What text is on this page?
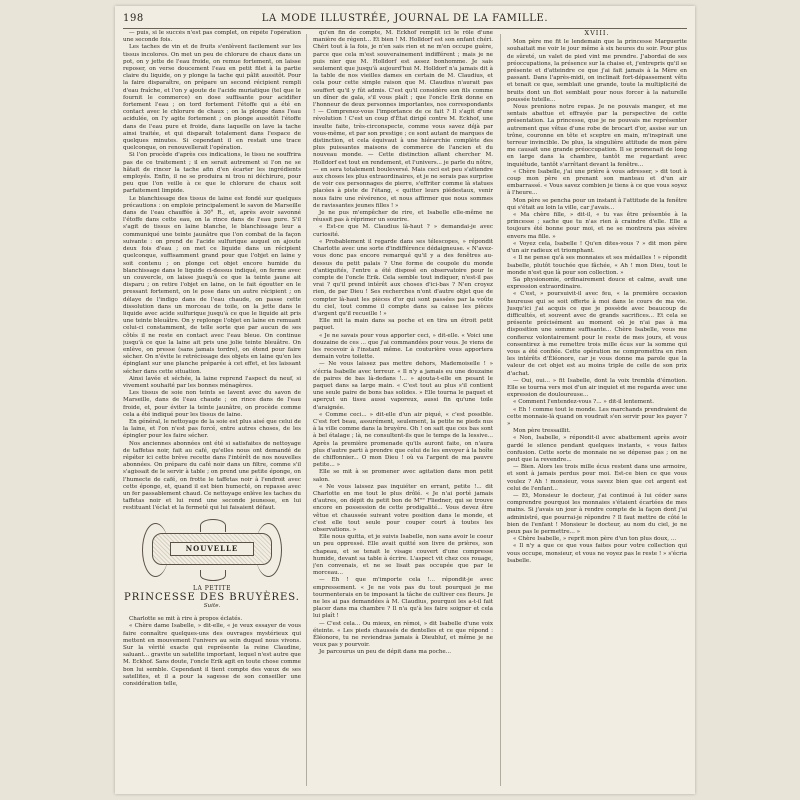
198	LA MODE ILLUSTRÉE, JOURNAL DE LA FAMILLE.

— puis, si le succès n'est pas complet, on répète l'opération une seconde fois.

Les taches de vin et de fruits s'enlèvent facilement sur les tissus incolores. On met un peu de chlorure de chaux dans un pot, on y jette de l'eau froide, on remue fortement, on laisse reposer, on verse doucement l'eau en petit filet à la partie claire du liquide, on y plonge la tache qui pâlit aussitôt. Pour la faire disparaître, on prépare un second récipient rempli d'eau fraîche, et l'on y ajoute de l'acide muriatique (tel que le fournit le commerce) en dose suffisante pour acidifier fortement l'eau ; on tord fortement l'étoffe qui a été en contact avec le chlorure de chaux ; on la plonge dans l'eau acidulée, on l'y agite fortement ; on plonge aussitôt l'étoffe dans de l'eau pure et froide, dans laquelle on lave la tache ainsi traitée, et qui disparaît totalement dans l'espace de quelques minutes. Si cependant il en restait une trace quelconque, on renouvellerait l'opération.

Si l'on procède d'après ces indications, le tissu ne souffrira pas de ce traitement ; il en serait autrement si l'on ne se hâtait de rincer la tache afin d'en écarter les ingrédients employés. Enfin, il ne se produira ni trou ni déchirure, pour peu que l'on veille à ce que le chlorure de chaux soit parfaitement limpide.

Le blanchissage des tissus de laine est fondé sur quelques précautions : on emploie principalement le savon de Marseille dans de l'eau chauffée à 30° R., et, après avoir savonné l'étoffe dans cette eau, on la rince dans de l'eau pure. S'il s'agit de tissus en laine blanche, le blanchissage leur a communiqué une teinte jaunâtre que l'on combat de la façon suivante : on prend de l'acide sulfurique auquel on ajoute deux fois d'eau ; on met ce liquide dans un récipient quelconque, suffisamment grand pour que l'objet en laine y soit contenu ; on plonge cet objet encore humide du blanchissage dans le liquide ci-dessus indiqué, on ferme avec un couvercle, on laisse jusqu'à ce que la teinte jaune ait disparu ; on retire l'objet en laine, on le fait égoutter en le pressant fortement, on le pose dans un autre récipient ; on délaye de l'indigo dans de l'eau chaude, on passe cette dissolution dans un morceau de toile, on la jette dans le liquide avec acide sulfurique jusqu'à ce que le liquide ait pris une teinte bleuâtre. On y replonge l'objet en laine en remuant celui-ci constamment, de telle sorte que par aucun de ses côtés il ne reste en contact avec l'eau bleue. On continue jusqu'à ce que la laine ait pris une jolie teinte bleuâtre. On enlève, on presse (sans jamais tordre), on étend pour faire sécher. On n'évite le retrécissage des objets en laine qu'en les épinglant sur une planche préparée à cet effet, et les laissant sécher dans cette situation.

Ainsi lavée et séchée, la laine reprend l'aspect du neuf, si vivement souhaité par les bonnes ménagères.

Les tissus de soie non teints se lavent avec du savon de Marseille, dans de l'eau chaude ; on rince dans de l'eau froide, et, pour éviter la teinte jaunâtre, on procède comme cela a été indiqué pour les tissus de laine.

En général, le nettoyage de la soie est plus aisé que celui de la laine, et l'on n'est pas forcé, entre autres choses, de les épingler pour les faire sécher.

Nos anciennes abonnées ont été si satisfaites de nettoyage de taffetas noir, fait au café, qu'elles nous ont demandé de répéter ici cette brève recette dans l'intérêt de nos nouvelles abonnées. On prépare du café noir dans un filtre, comme s'il s'agissait de le servir à table ; on prend une petite éponge, on l'humecte de café, on frotte le taffetas noir à l'endroit avec cette éponge, et, quand il est bien humecté, on repasse avec un fer passablement chaud. Ce nettoyage enlève les taches du taffetas noir et lui rend une seconde jeunesse, en lui restituant l'éclat et la fermeté qui lui faisaient défaut.

NOUVELLE
LA PETITE
PRINCESSE DES BRUYÈRES.
Suite.

Charlotte se mit à rire à propos éclatés.

« Chère dame Isabelle, » dit-elle, « je veux essayer de vous faire connaître quelques-uns des ouvrages mystérieux qui mettent en mouvement l'univers au sein duquel nous vivons. Sur la vérité exacte qui représente la reine Claudine, saluant... gravite un satellite important, lequel n'est autre que M. Eckhof. Sans doute, l'oncle Erik agit en toute chose comme bon lui semble. Cependant il tient compte des vœux de ses satellites, et il a pour la sagesse de son conseiller une considération telle,

qu'en fin de compte, M. Eckhof remplit ici le rôle d'une manière de régent... Et bien ! M. Holldorf est son enfant chéri. Chéri tout à la fois, je n'en sais rien et ne m'en occupe guère, parce que cela m'est souverainement indifférent ; mais je ne puis nier que M. Holldorf est assez bonhomme. Je sais seulement que jusqu'à aujourd'hui M. Holldorf n'a jamais dit à la table de nos vieilles dames en certain de M. Claudius, et cela pour cette simple raison que M. Claudius n'aurait pas souffert qu'il y fût admis. C'est qu'il considère son fils comme un dîner de gala, s'il vous plaît ; que l'oncle Erik donne en l'honneur de deux personnes importantes, nos correspondants ! — Comprenez-vous l'importance de ce fait ? Il s'agit d'une révolution ! C'est un coup d'État dirigé contre M. Eckhof, une insulte faite, très-circonspecte, comme vous savez déjà par vous-même, et par son prestige ; ce sont autant de marques de distinction, et cela équivaut à une hiérarchie complète des plus puissantes maisons de commerce de l'ancien et du nouveau monde. — Cette distinction allant chercher M. Holldorf est tout en rendement, et l'univers... je parle du nôtre, — en sera totalement bouleversé. Mais ceci est peu s'attendre aux choses les plus extraordinaires, et je ne serais pas surprise de voir ces personnages de pierre, s'effriter comme là statues placées à piste de l'étang, « quitter leurs piédestaux, venir nous faire une révérence, et nous affirmer que nous sommes de ravissantes jeunes filles ! »

Je ne pus m'empêcher de rire, et Isabelle elle-même ne réussit pas à réprimer un sourire.

« Est-ce que M. Claudius là-haut ? » demandai-je avec curiosité.

« Probablement il regarde dans ses télescopes, » répondit Charlotte avec une sorte d'indifférence dédaigneuse. « N'avez-vous donc pas encore remarqué qu'il y a des fenêtres au-dessus du petit palais ? Une forme de coupole du monde d'antiquités, l'entre a été disposé en observatoire pour le compte de l'oncle Erik. Cela semble tout indiquer, n'est-il pas vrai ? qu'il prend intérêt aux choses d'ici-bas ? N'en croyez rien, de par Dieu ! Ses recherches n'ont d'autre objet que de compter là-haut les pièces d'or qui sont passées par la voûte du ciel, tout comme il compte dans sa caisse les pièces d'argent qu'il recueille ! »

Elle mit la main dans sa poche et en tira un étroit petit paquet.

« Je ne savais pour vous apporter ceci, » dit-elle. « Voici une douzaine de ces ... que j'ai commandées pour vous. Je viens de les recevoir à l'instant même. Le couturière vous apportera demain votre toilette.

— Ne vous laissez pas mettre dehors, Mademoiselle ! » s'écria Isabelle avec terreur. « Il n'y a jamais eu une douzaine de paires de bas là-dedans !... » ajouta-t-elle en pesant le paquet dans sa large main. « C'est tout au plus s'il contient une seule paire de bons bas solides. » Elle tourna le paquet et aperçut un tissu aussi vaporeux, aussi fin qu'une toile d'araignée.

« Comme ceci... » dit-elle d'un air piqué, « c'est possible. C'est fort beau, assurément, seulement, la petite ne pieds nus à la ville comme dans la bruyère. Oh ! on sait que ces bas sont à bel étalage ; là, ne consultent-ils que le temps de la lessive... Après la première promenade qu'ils auront faite, on n'aura plus d'autre parti à prendre que celui de les envoyer à la boîte de chiffonnier... O mon Dieu ! où va l'argent de ma pauvre petite... »

Elle se mit à se promener avec agitation dans mon petit salon.

« Ne vous laissez pas inquiéter en errant, petite !... dit Charlotte en me tout le plus drôlé. « Je n'ai porté jamais d'autres, on dépit du petit bon de M"" Fliedner, qui se trouve encore en possession de cette prodigalité... Vous devez être vêtue et chaussée suivant votre position dans le monde, et c'est elle tout seule pour couper court à toutes les observations. »

Elle nous quitta, et je suivis Isabelle, non sans avoir le coeur un peu oppressé. Elle avait quitté son livre de prières, son chapeau, et se tenait le visage couvert d'une compresse humide, devant sa table à écrire. L'aspect vit chez ces rouage, j'en convenais, et ne se lisait pas occupée que par le morceau...

— Eh ! que m'importe cela !... répondit-je avec empressement. « Je ne vois pas du tout pourquoi je me tourmenterais en te imposant la tâche de cultiver ces fleurs. Je ne les ai pas demandées à M. Claudius, pourquoi les a-t-il fait placer dans ma chambre ? Il n'a qu'à les faire soigner et cela lui plaît !

— C'est cela... Ou mieux, en rémoi, » dit Isabelle d'une voix éteinte. « Les pieds chaussés de dentelles et ce que répond : Éléonore, tu ne reviendras jamais à Dieubluf, et même je ne veux pas y pourvoir.

Je parcourus un peu de dépit dans ma poche...

XVIII.

Mon père me fit le lendemain que la princesse Marguerite souhaitait me voir le jour même à six heures du soir. Pour plus de sûreté, un valet de pied vint me prendre. J'abordai de ses préoccupations, la présence sur la chaise et, j'entrepris qu'il se présente et d'atteindre ce que j'ai fait jamais à la Mère en passant. Dans l'après-midi, on inclinait fort-dépassement vêtu et tenait ce que, semblait une grande, toute la multiplicité de bruits dont un flot semblait pour nous forcer à la naturelle poussée tutelle...

Nous prenions notre repas. Je ne pouvais manger, et me sentais abattue et effrayée par la perspective de cette présentation. La princesse, que je ne pouvais me représenter autrement que vêtue d'une robe de brocart d'or, assise sur un trône, couronne en tête et sceptre en main, m'inspirait une terreur invincible. De plus, la singulière attitude de mon père me causait une grande préoccupation. Il se promenait de long en large dans la chambre, tantôt me regardant avec inquiétude, tantôt s'arrêtant devant la fenêtre...

« Chère Isabelle, j'ai une prière à vous adresser, » dit tout à coup mon père en prenant son manteau et d'un air embarrassé. « Vous savez combien je tiens à ce que vous soyez à l'heure...

Mon père se pencha pour un instant à l'attitude de la fenêtre qui s'était au loin la ville, car j'avais...

« Ma chère fille, » dit-il, « tu vas être présentée à la princesse ; sache que tu n'as rien à craindre d'elle. Elle a toujours été bonne pour moi, et ne se montrera pas sévère envers ma fille. »

« Voyez cela, Isabelle ! Qu'en dites-vous ? » dit mon père d'un air radieux et triomphant.

« Il ne pense qu'à ses monnaies et ses médailles ! » répondit Isabelle, plutôt touchée que fâchée, « Ah ! mon Dieu, tout le monde n'est que là pour son collection. »

Sa physionomie, ordinairement douce et calme, avait une expression extraordinaire.

« C'est, » poursuivit-il avec feu, « la première occasion heureuse qui se soit offerte à moi dans le cours de ma vie. Jusqu'ici j'ai acquis ce que je possède avec beaucoup de difficultés, et souvent avec de grands sacrifices... Et cela se présente précisément au moment où je n'ai pas à ma disposition une somme suffisante... Chère Isabelle, vous me confierez volontairement pour le reste de mes jours, et vous consentirez à me remettre trois mille écus sur la somme qui vous a été confiée. Cette opération ne compromettra en rien les intérêts d'Éléonore, car je vous donne ma parole que la valeur de cet objet est au moins triple de celle de son prix d'achat.

— Oui, oui... » fit Isabelle, dont la voix trembla d'émotion. Elle se tourna vers moi d'un air inquiet et me regarda avec une expression de douloureuse...

« Comment l'entendez-vous ?... » dit-il lentement.

« Eh ! comme tout le monde. Les marchands prendraient de cette monnaie-là quand on voudrait s'en servir pour les payer ? »

Mon père tressaillit.

« Non, Isabelle, » répondit-il avec abattement après avoir gardé le silence pendant quelques instants, « vous faites confusion. Cette sorte de monnaie ne se dépense pas ; on ne peut que la revendre...

— Bien. Alors les trois mille écus restent dans une armoire, et sont à jamais perdus pour moi. Est-ce bien ce que vous voulez ? Ah ! monsieur, vous savez bien que cet argent est celui de l'enfant...

— Et, Monsieur le docteur, j'ai continué à lui céder sans comprendre pourquoi les monnaies s'étaient écartées de mes mains. Si j'avais un jour à rendre compte de la façon dont j'ai administré, que pourrai-je répondre ? Il faut mettre de côté le bien de l'enfant ! Monsieur le docteur, au nom du ciel, je ne peux pas le permettre... »

« Chère Isabelle, » reprit mon père d'un ton plus doux, ...

« Il n'y a que ce que vous faites pour votre collection qui vous occupe, monsieur, et vous ne voyez pas le reste ! » s'écria Isabelle.
